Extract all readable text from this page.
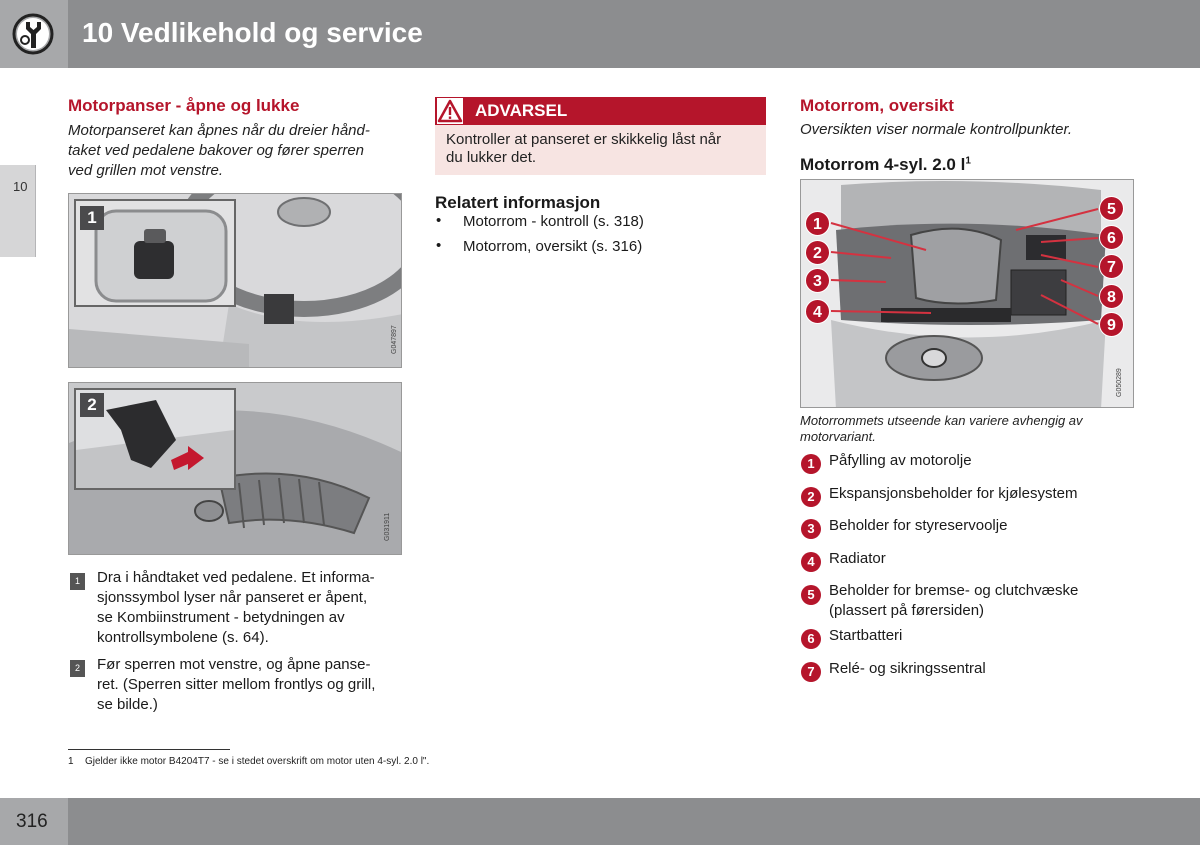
10 Vedlikehold og service
10
Motorpanser - åpne og lukke
Motorpanseret kan åpnes når du dreier hånd-
taket ved pedalene bakover og fører sperren
ved grillen mot venstre.
1
G047897
2
G031911
1	Dra i håndtaket ved pedalene. Et informa-
sjonssymbol lyser når panseret er åpent,
se Kombiinstrument - betydningen av
kontrollsymbolene (s. 64).
2	Før sperren mot venstre, og åpne panse-
ret. (Sperren sitter mellom frontlys og grill,
se bilde.)
ADVARSEL
Kontroller at panseret er skikkelig låst når
du lukker det.
Relatert informasjon
• Motorrom - kontroll (s. 318)
• Motorrom, oversikt (s. 316)
Motorrom, oversikt
Oversikten viser normale kontrollpunkter.
Motorrom 4-syl. 2.0 $l^1$
1
2
3
4
5
6
7
8
9
G050289
Motorrommets utseende kan variere avhengig av
motorvariant.
1 Påfylling av motorolje
2 Ekspansjonsbeholder for kjølesystem
3 Beholder for styreservoolje
4 Radiator
5 Beholder for bremse- og clutchvæske
(plassert på førersiden)
6 Startbatteri
7 Relé- og sikringssentral
1 Gjelder ikke motor B4204T7 - se i stedet overskrift om motor uten 4-syl. 2.0 l".
316
